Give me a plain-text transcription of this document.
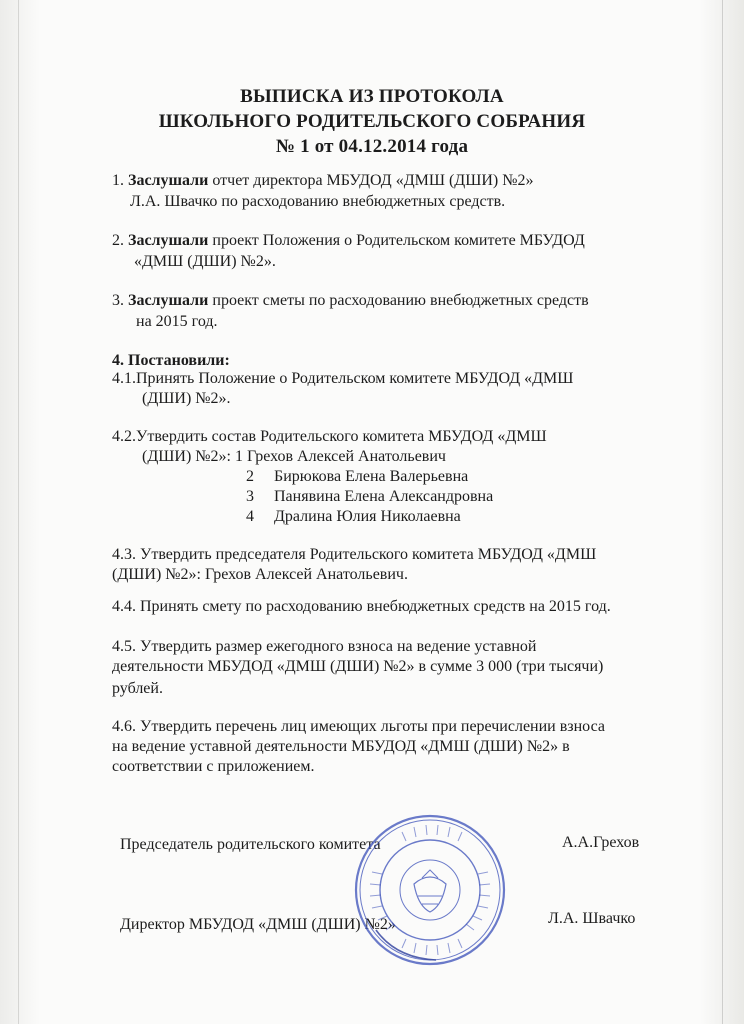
ВЫПИСКА ИЗ ПРОТОКОЛА
ШКОЛЬНОГО РОДИТЕЛЬСКОГО СОБРАНИЯ
№ 1 от 04.12.2014 года
1. Заслушали отчет директора МБУДОД «ДМШ (ДШИ) №2»
Л.А. Швачко по расходованию внебюджетных средств.
2. Заслушали проект Положения о Родительском комитете МБУДОД
«ДМШ (ДШИ) №2».
3. Заслушали проект сметы по расходованию внебюджетных средств
на 2015 год.
4. Постановили:
4.1.Принять Положение о Родительском комитете МБУДОД «ДМШ
(ДШИ) №2».
4.2.Утвердить состав Родительского комитета МБУДОД «ДМШ
(ДШИ) №2»: 1 Грехов Алексей Анатольевич
2 Бирюкова Елена Валерьевна
3 Панявина Елена Александровна
4 Дралина Юлия Николаевна
4.3. Утвердить председателя Родительского комитета МБУДОД «ДМШ
(ДШИ) №2»: Грехов Алексей Анатольевич.
4.4. Принять смету по расходованию внебюджетных средств на 2015 год.
4.5. Утвердить размер ежегодного взноса на ведение уставной
деятельности МБУДОД «ДМШ (ДШИ) №2» в сумме 3 000 (три тысячи)
рублей.
4.6. Утвердить перечень лиц имеющих льготы при перечислении взноса
на ведение уставной деятельности МБУДОД «ДМШ (ДШИ) №2» в
соответствии с приложением.
Председатель родительского комитета	А.А.Грехов
Директор МБУДОД «ДМШ (ДШИ) №2»	Л.А. Швачко
